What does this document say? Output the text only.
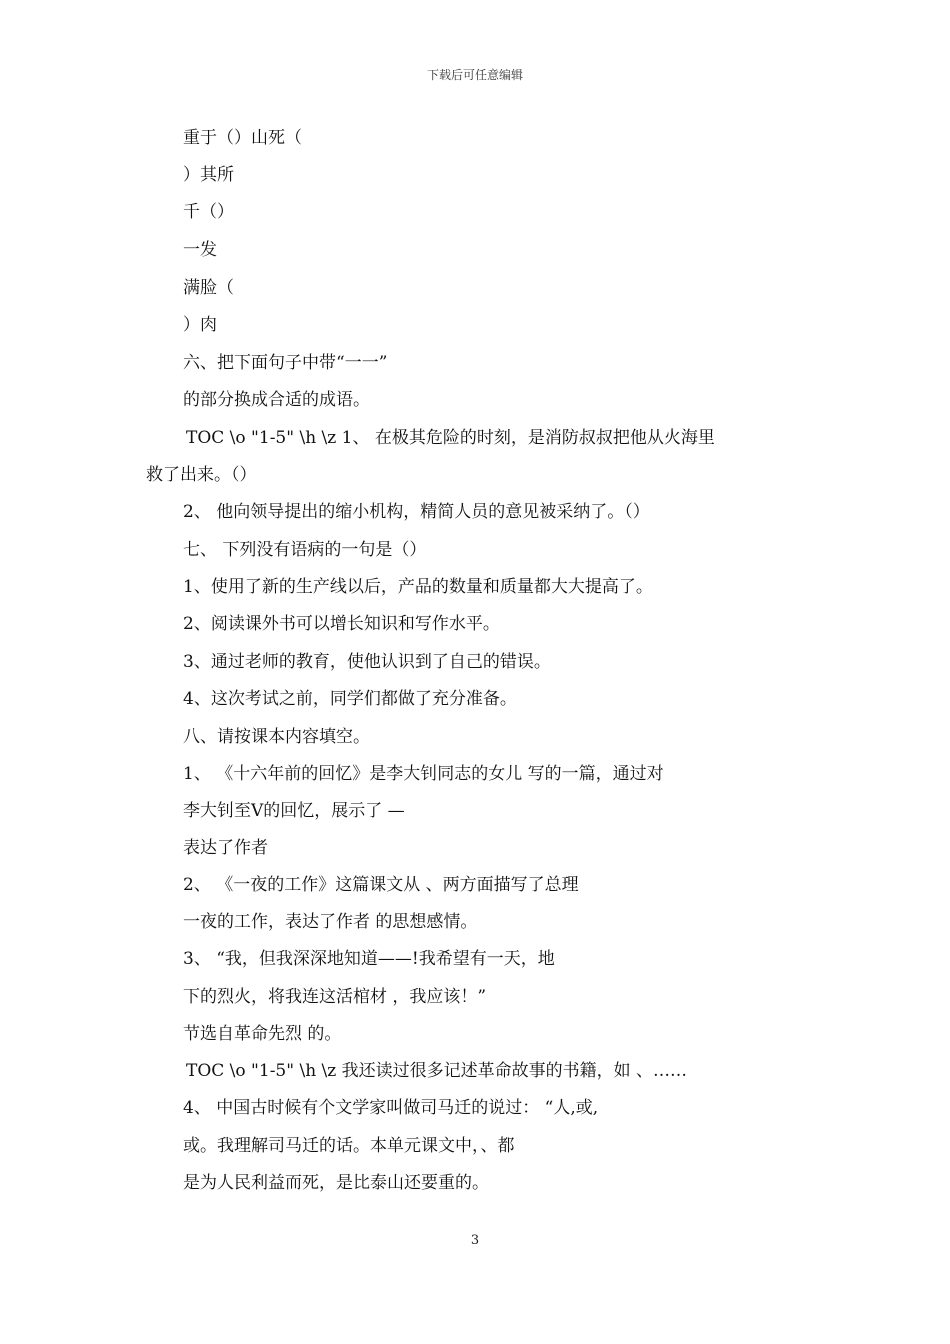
下载后可任意编辑
重于（）山死（
）其所
千（）
一发
满脸（
）肉
六、把下面句子中带“一一”
的部分换成合适的成语。
TOC \o "1-5" \h \z 1、 在极其危险的时刻，是消防叔叔把他从火海里
救了出来。（）
2、 他向领导提出的缩小机构，精简人员的意见被采纳了。（）
七、 下列没有语病的一句是（）
1、使用了新的生产线以后，产品的数量和质量都大大提高了。
2、阅读课外书可以增长知识和写作水平。
3、通过老师的教育，使他认识到了自己的错误。
4、这次考试之前，同学们都做了充分准备。
八、请按课本内容填空。
1、 《十六年前的回忆》是李大钊同志的女儿 写的一篇，通过对
李大钊至V的回忆，展示了 —
表达了作者
2、 《一夜的工作》这篇课文从 、两方面描写了总理
一夜的工作，表达了作者 的思想感情。
3、 “我，但我深深地知道——!我希望有一天，地
下的烈火，将我连这活棺材 ，我应该！”
节选自革命先烈 的。
TOC \o "1-5" \h \z 我还读过很多记述革命故事的书籍，如 、……
4、 中国古时候有个文学家叫做司马迁的说过： “人,或,
或。我理解司马迁的话。本单元课文中，、都
是为人民利益而死，是比泰山还要重的。
3
